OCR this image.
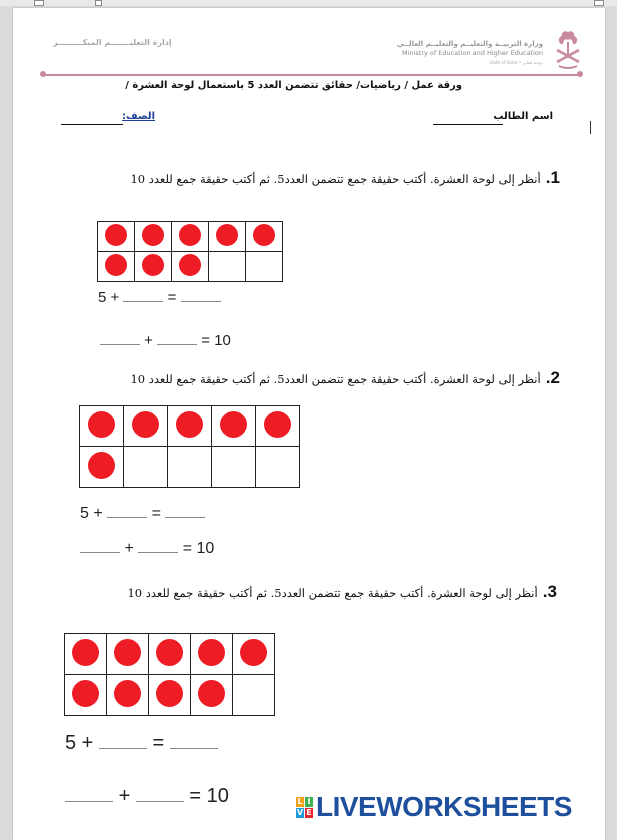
إدارة التعليـــــــم المبكـــــــــر	وزارة التربيــة والتعليــم والتعليــم العالــي
Ministry of Education and Higher Education
State of Qatar • دولــة قطــر
ورقة عمل / رياضيات/ حقائق تتضمن العدد 5 باستعمال لوحة العشرة /
اسم الطالب
الصف:
1. أنظر إلى لوحة العشرة. أكتب حقيقة جمع تتضمن العدد5. ثم أكتب حقيقة جمع للعدد 10

5 +	=
+	= 10
2. أنظر إلى لوحة العشرة. أكتب حقيقة جمع تتضمن العدد5. ثم أكتب حقيقة جمع للعدد 10

5 +	=
+	= 10
3. أنظر إلى لوحة العشرة. أكتب حقيقة جمع تتضمن العدد5. ثم أكتب حقيقة جمع للعدد 10

5 +	=
+	= 10	L I
V E LIVEWORKSHEETS
